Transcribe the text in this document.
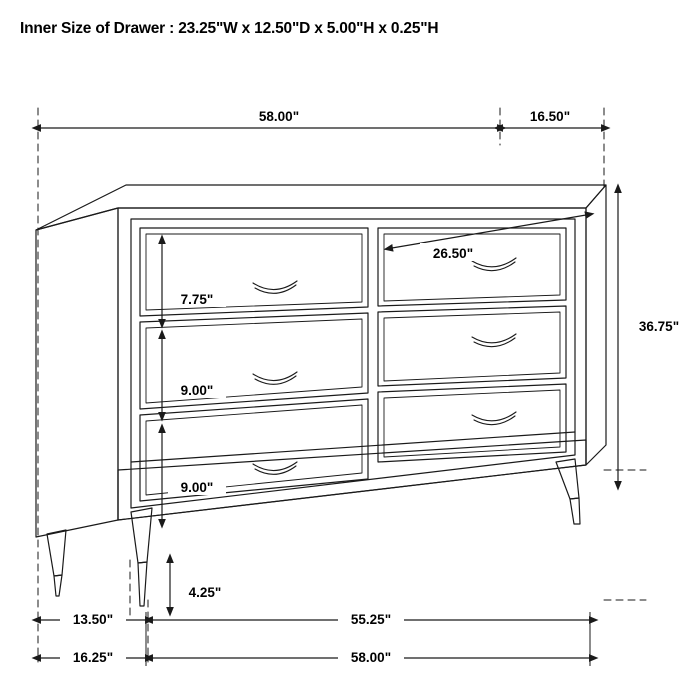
Inner Size of Drawer : 23.25"W x 12.50"D x 5.00"H x 0.25"H
58.00"	16.50"
26.50"
7.75"
9.00"
9.00"
36.75"
4.25"
13.50"	55.25"
16.25"	58.00"
